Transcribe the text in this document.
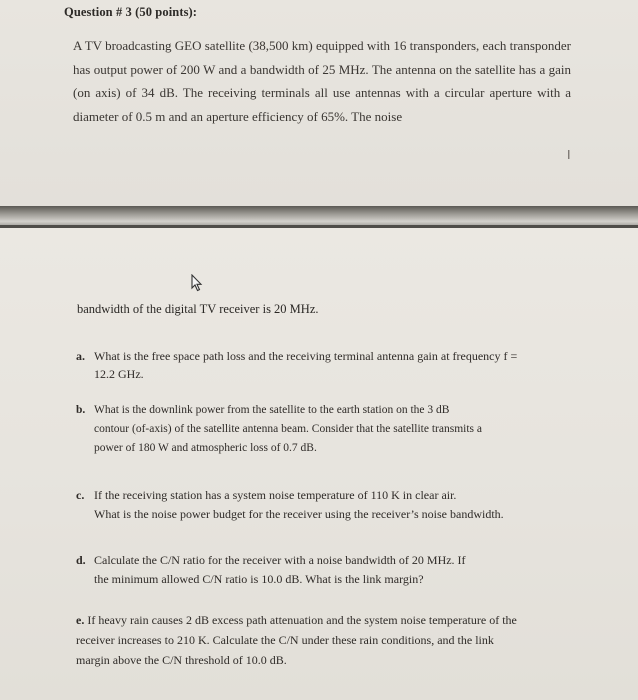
Question # 3 (50 points):
A TV broadcasting GEO satellite (38,500 km) equipped with 16 transponders, each transponder has output power of 200 W and a bandwidth of 25 MHz. The antenna on the satellite has a gain (on axis) of 34 dB. The receiving terminals all use antennas with a circular aperture with a diameter of 0.5 m and an aperture efficiency of 65%. The noise
I
bandwidth of the digital TV receiver is 20 MHz.
a. What is the free space path loss and the receiving terminal antenna gain at frequency f =
12.2 GHz.
b. What is the downlink power from the satellite to the earth station on the 3 dB
contour (of-axis) of the satellite antenna beam. Consider that the satellite transmits a
power of 180 W and atmospheric loss of 0.7 dB.
c. If the receiving station has a system noise temperature of 110 K in clear air.
What is the noise power budget for the receiver using the receiver’s noise bandwidth.
d. Calculate the C/N ratio for the receiver with a noise bandwidth of 20 MHz. If
the minimum allowed C/N ratio is 10.0 dB. What is the link margin?
e. If heavy rain causes 2 dB excess path attenuation and the system noise temperature of the
receiver increases to 210 K. Calculate the C/N under these rain conditions, and the link
margin above the C/N threshold of 10.0 dB.
